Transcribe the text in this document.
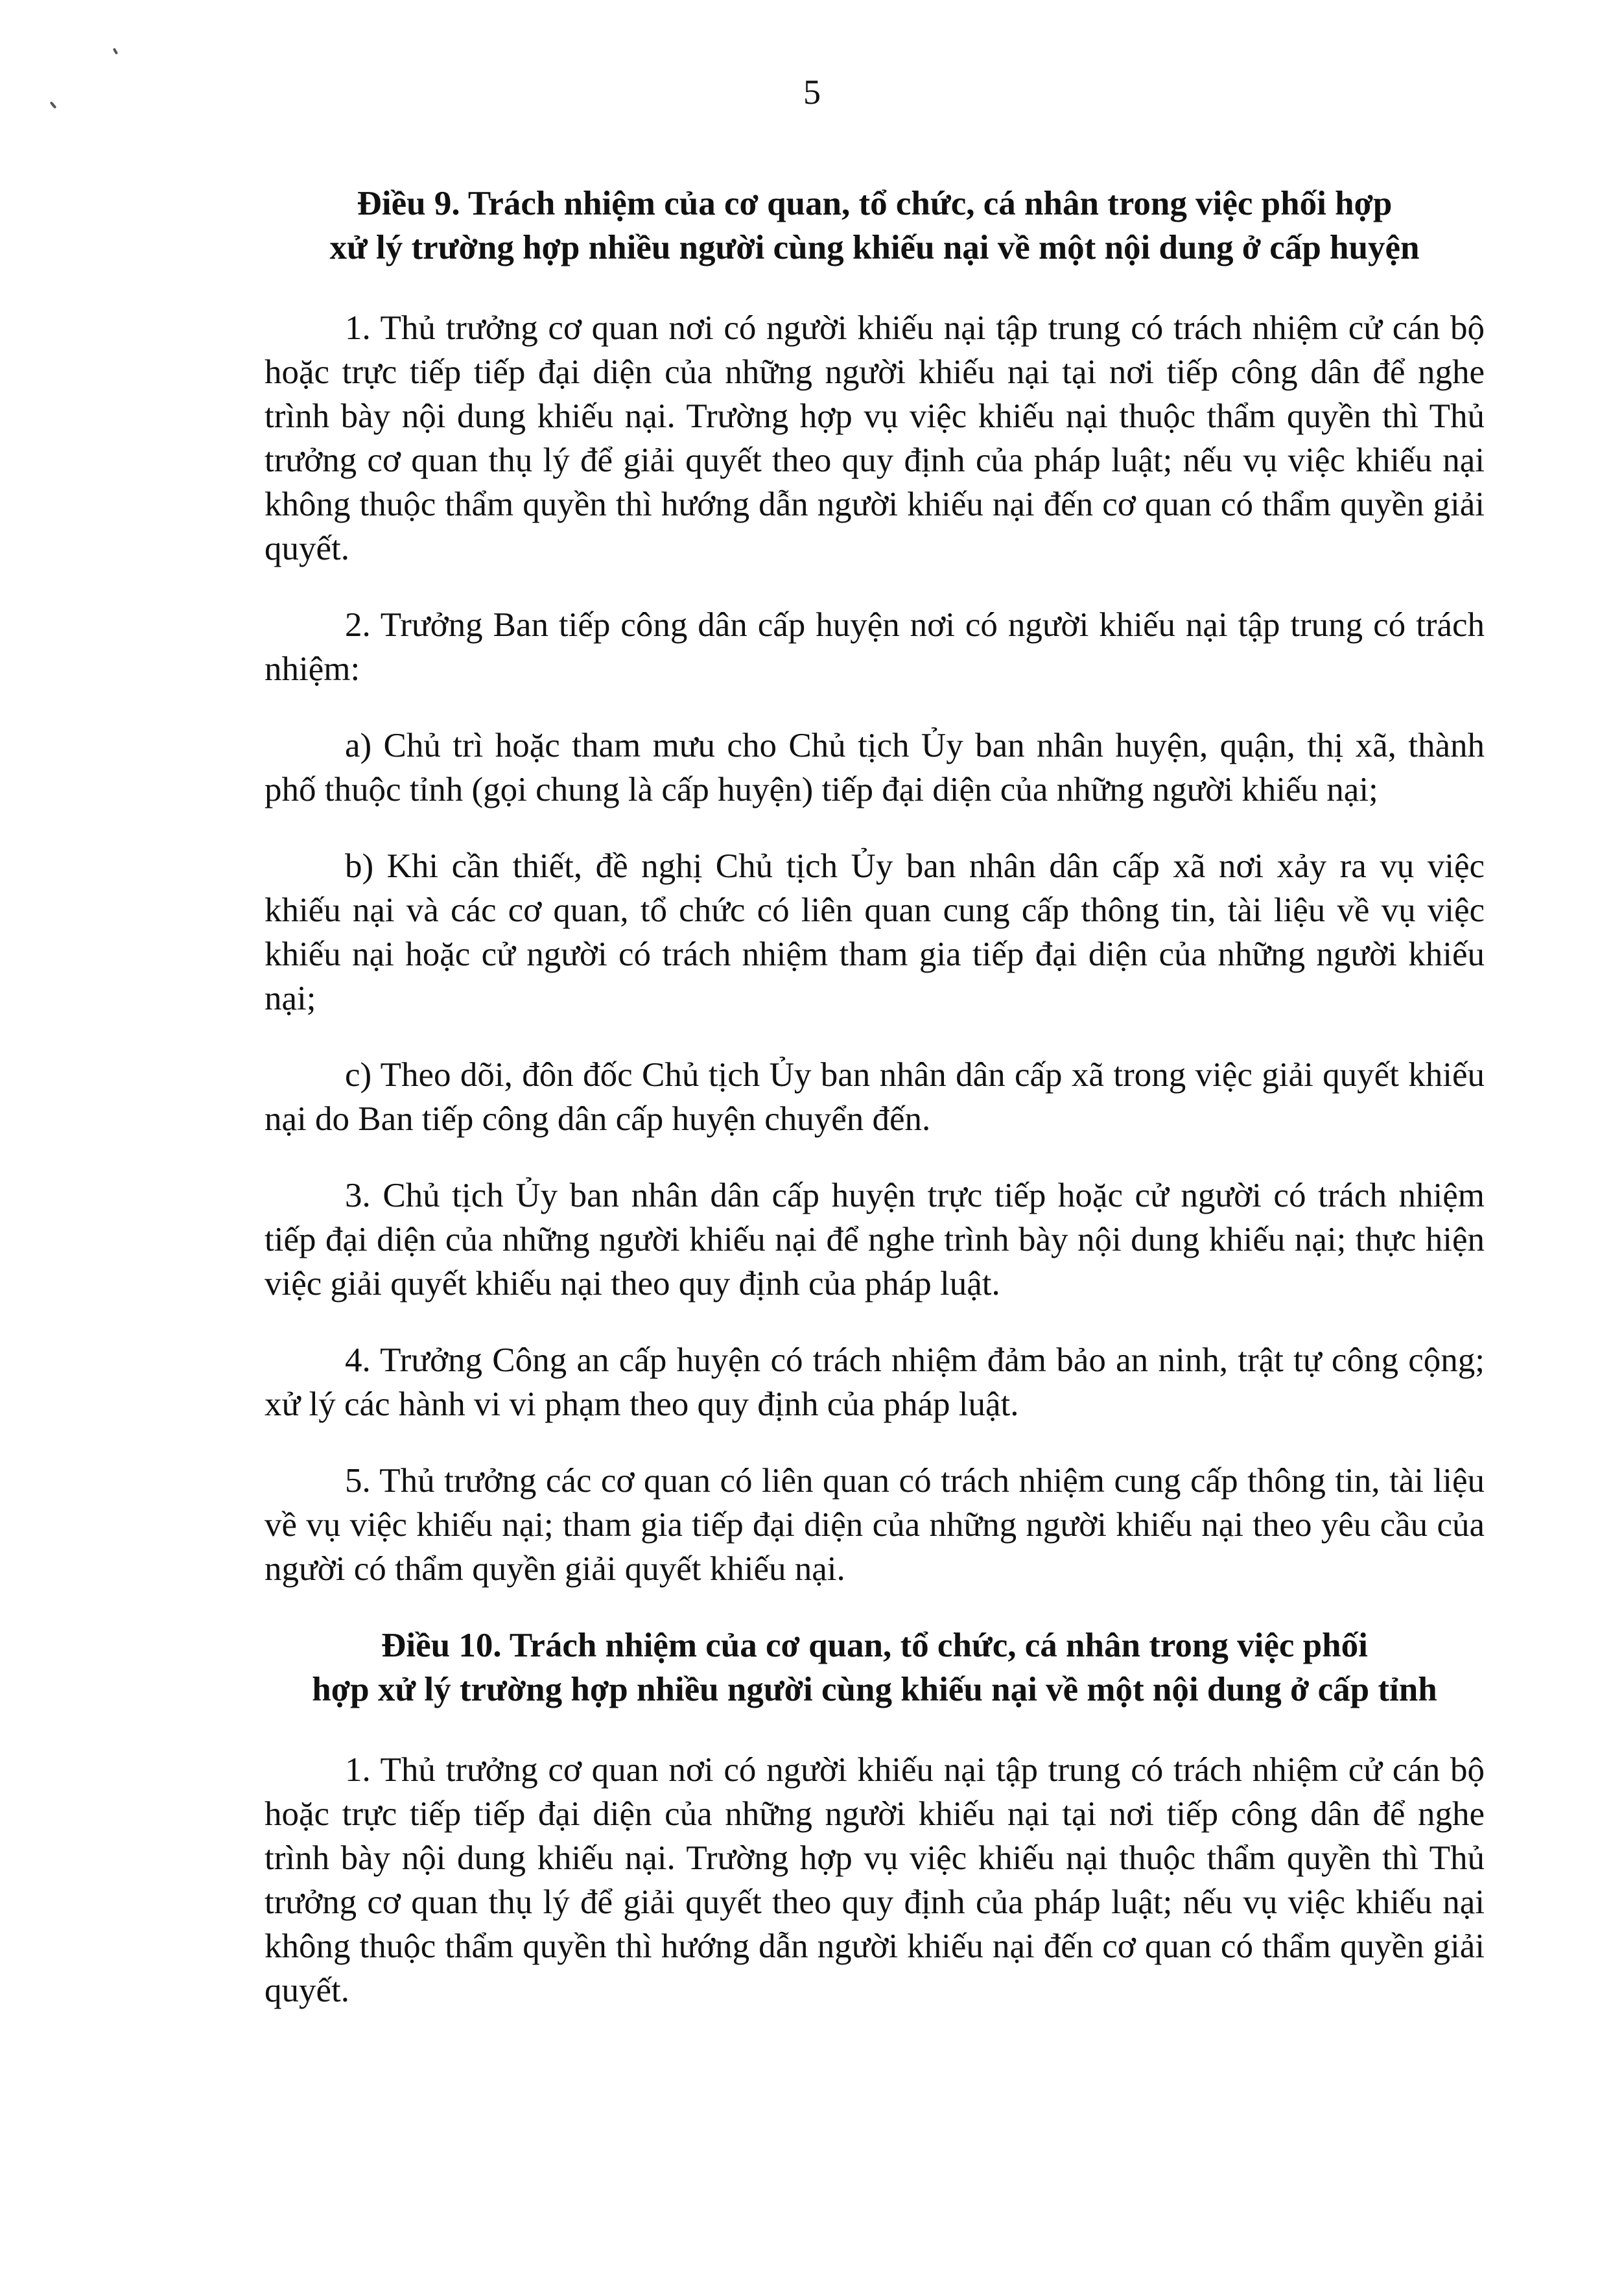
5
Điều 9. Trách nhiệm của cơ quan, tổ chức, cá nhân trong việc phối hợp
xử lý trường hợp nhiều người cùng khiếu nại về một nội dung ở cấp huyện

1. Thủ trưởng cơ quan nơi có người khiếu nại tập trung có trách nhiệm cử cán bộ hoặc trực tiếp tiếp đại diện của những người khiếu nại tại nơi tiếp công dân để nghe trình bày nội dung khiếu nại. Trường hợp vụ việc khiếu nại thuộc thẩm quyền thì Thủ trưởng cơ quan thụ lý để giải quyết theo quy định của pháp luật; nếu vụ việc khiếu nại không thuộc thẩm quyền thì hướng dẫn người khiếu nại đến cơ quan có thẩm quyền giải quyết.

2. Trưởng Ban tiếp công dân cấp huyện nơi có người khiếu nại tập trung có trách nhiệm:

a) Chủ trì hoặc tham mưu cho Chủ tịch Ủy ban nhân huyện, quận, thị xã, thành phố thuộc tỉnh (gọi chung là cấp huyện) tiếp đại diện của những người khiếu nại;

b) Khi cần thiết, đề nghị Chủ tịch Ủy ban nhân dân cấp xã nơi xảy ra vụ việc khiếu nại và các cơ quan, tổ chức có liên quan cung cấp thông tin, tài liệu về vụ việc khiếu nại hoặc cử người có trách nhiệm tham gia tiếp đại diện của những người khiếu nại;

c) Theo dõi, đôn đốc Chủ tịch Ủy ban nhân dân cấp xã trong việc giải quyết khiếu nại do Ban tiếp công dân cấp huyện chuyển đến.

3. Chủ tịch Ủy ban nhân dân cấp huyện trực tiếp hoặc cử người có trách nhiệm tiếp đại diện của những người khiếu nại để nghe trình bày nội dung khiếu nại; thực hiện việc giải quyết khiếu nại theo quy định của pháp luật.

4. Trưởng Công an cấp huyện có trách nhiệm đảm bảo an ninh, trật tự công cộng; xử lý các hành vi vi phạm theo quy định của pháp luật.

5. Thủ trưởng các cơ quan có liên quan có trách nhiệm cung cấp thông tin, tài liệu về vụ việc khiếu nại; tham gia tiếp đại diện của những người khiếu nại theo yêu cầu của người có thẩm quyền giải quyết khiếu nại.

Điều 10. Trách nhiệm của cơ quan, tổ chức, cá nhân trong việc phối
hợp xử lý trường hợp nhiều người cùng khiếu nại về một nội dung ở cấp tỉnh

1. Thủ trưởng cơ quan nơi có người khiếu nại tập trung có trách nhiệm cử cán bộ hoặc trực tiếp tiếp đại diện của những người khiếu nại tại nơi tiếp công dân để nghe trình bày nội dung khiếu nại. Trường hợp vụ việc khiếu nại thuộc thẩm quyền thì Thủ trưởng cơ quan thụ lý để giải quyết theo quy định của pháp luật; nếu vụ việc khiếu nại không thuộc thẩm quyền thì hướng dẫn người khiếu nại đến cơ quan có thẩm quyền giải quyết.
